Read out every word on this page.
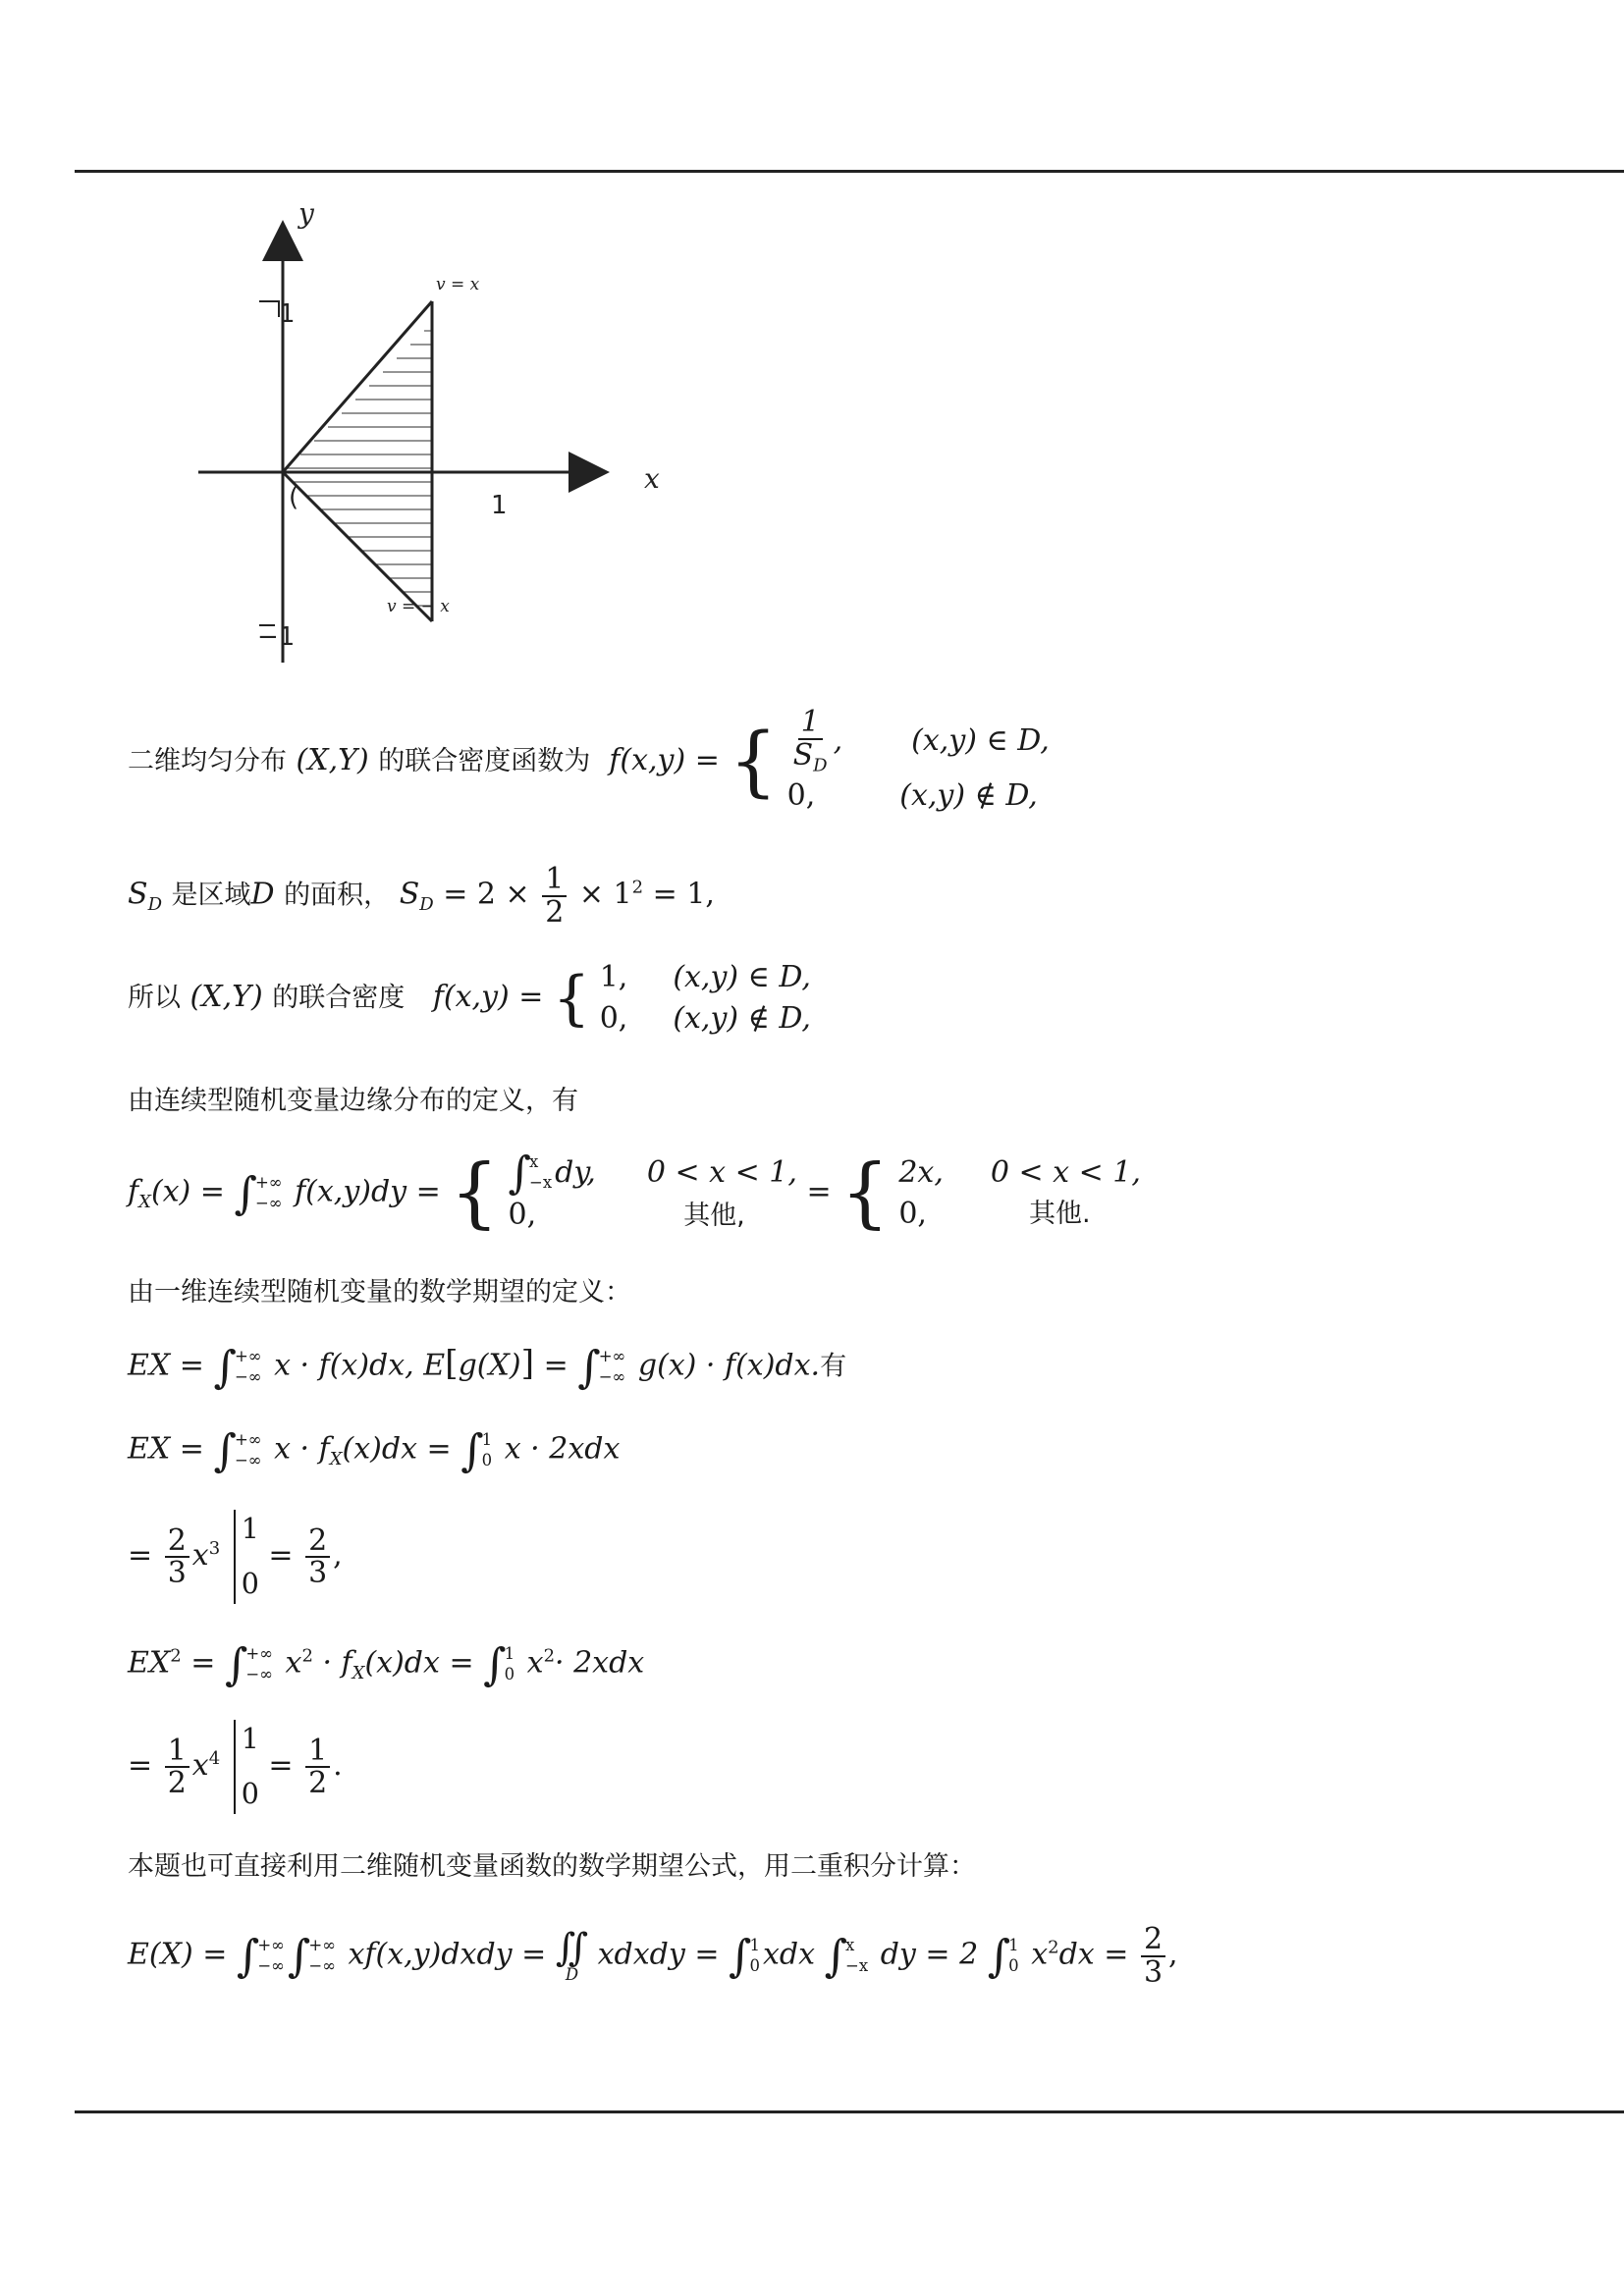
y
x
v = x
v = − x
1
1
−1
(
二维均匀分布 (X,Y) 的联合密度函数为 f(x,y) = { $\frac{1}{S_D}$ , (x,y) ∈ D,
0,	(x,y) ∉ D,
$S_D$ 是区域D 的面积， $S_D = 2 \times \frac{1}{2} \times 1^2 = 1$,
所以 (X,Y) 的联合密度 f(x,y) = { 1, (x,y) ∈ D,
0, (x,y) ∉ D,
由连续型随机变量边缘分布的定义，有
$f_X(x)$ = ∫
+∞
−∞ f(x,y)dy = { ∫
x
−x dy, 0 < x < 1,
0,	其他,
= { 2x, 0 < x < 1,
0,	其他.
由一维连续型随机变量的数学期望的定义：
EX = ∫
+∞
−∞ x · f(x)dx, E[g(X)] = ∫
+∞
−∞ g(x) · f(x)dx.有
EX = ∫
+∞
−∞ $x \cdot f_X(x)dx$ = ∫
1
0 x · 2xdx
= $\frac{2}{3} x^3$
1
0
= $\frac{2}{3}$ ,
$EX^2$ = ∫
+∞
−∞ $x^2 \cdot f_X(x)dx$ = ∫
1
0 $x^2\cdot 2xdx$
= $\frac{1}{2} x^4$
1
0
= $\frac{1}{2}$ .
本题也可直接利用二维随机变量函数的数学期望公式，用二重积分计算：
E(X) = ∫
+∞
−∞ ∫
+∞
−∞ xf(x,y)dxdy = ∬
D
xdxdy = ∫
1
0 xdx ∫
x
−x dy = 2 ∫
1
0 $x^2dx = \frac{2}{3}$ ,
